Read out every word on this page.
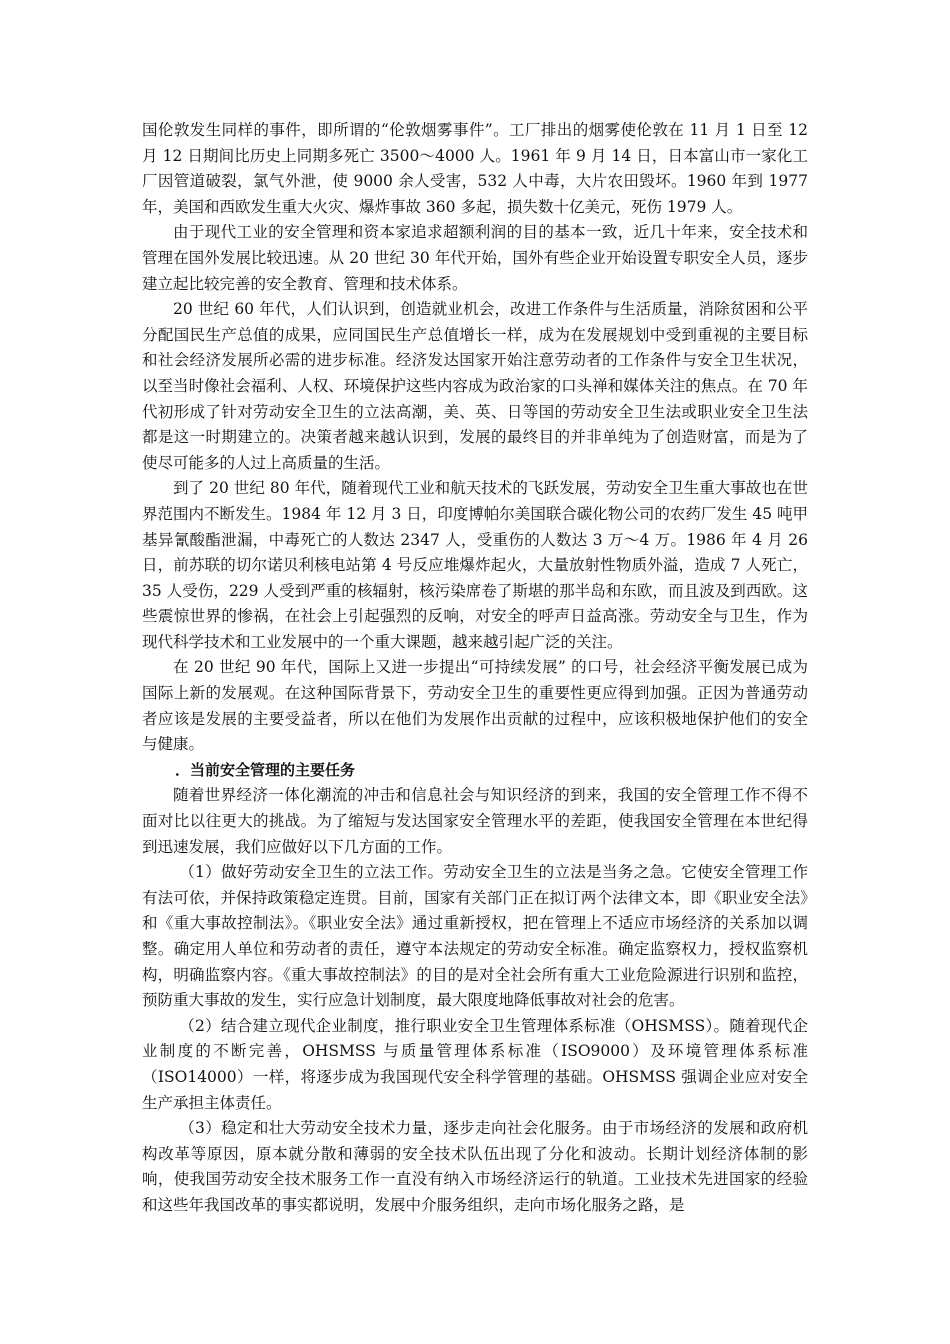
国伦敦发生同样的事件，即所谓的“伦敦烟雾事件”。工厂排出的烟雾使伦敦在 11 月 1 日至 12 月 12 日期间比历史上同期多死亡 3500～4000 人。1961 年 9 月 14 日，日本富山市一家化工厂因管道破裂，氯气外泄，使 9000 余人受害，532 人中毒，大片农田毁坏。1960 年到 1977 年，美国和西欧发生重大火灾、爆炸事故 360 多起，损失数十亿美元，死伤 1979 人。

由于现代工业的安全管理和资本家追求超额利润的目的基本一致，近几十年来，安全技术和管理在国外发展比较迅速。从 20 世纪 30 年代开始，国外有些企业开始设置专职安全人员，逐步建立起比较完善的安全教育、管理和技术体系。

20 世纪 60 年代，人们认识到，创造就业机会，改进工作条件与生活质量，消除贫困和公平分配国民生产总值的成果，应同国民生产总值增长一样，成为在发展规划中受到重视的主要目标和社会经济发展所必需的进步标准。经济发达国家开始注意劳动者的工作条件与安全卫生状况，以至当时像社会福利、人权、环境保护这些内容成为政治家的口头禅和媒体关注的焦点。在 70 年代初形成了针对劳动安全卫生的立法高潮，美、英、日等国的劳动安全卫生法或职业安全卫生法都是这一时期建立的。决策者越来越认识到，发展的最终目的并非单纯为了创造财富，而是为了使尽可能多的人过上高质量的生活。

到了 20 世纪 80 年代，随着现代工业和航天技术的飞跃发展，劳动安全卫生重大事故也在世界范围内不断发生。1984 年 12 月 3 日，印度博帕尔美国联合碳化物公司的农药厂发生 45 吨甲基异氰酸酯泄漏，中毒死亡的人数达 2347 人，受重伤的人数达 3 万～4 万。1986 年 4 月 26 日，前苏联的切尔诺贝利核电站第 4 号反应堆爆炸起火，大量放射性物质外溢，造成 7 人死亡，35 人受伤，229 人受到严重的核辐射，核污染席卷了斯堪的那半岛和东欧，而且波及到西欧。这些震惊世界的惨祸，在社会上引起强烈的反响，对安全的呼声日益高涨。劳动安全与卫生，作为现代科学技术和工业发展中的一个重大课题，越来越引起广泛的关注。

在 20 世纪 90 年代，国际上又进一步提出“可持续发展” 的口号，社会经济平衡发展已成为国际上新的发展观。在这种国际背景下，劳动安全卫生的重要性更应得到加强。正因为普通劳动者应该是发展的主要受益者，所以在他们为发展作出贡献的过程中，应该积极地保护他们的安全与健康。

．当前安全管理的主要任务

随着世界经济一体化潮流的冲击和信息社会与知识经济的到来，我国的安全管理工作不得不面对比以往更大的挑战。为了缩短与发达国家安全管理水平的差距，使我国安全管理在本世纪得到迅速发展，我们应做好以下几方面的工作。

（1）做好劳动安全卫生的立法工作。劳动安全卫生的立法是当务之急。它使安全管理工作有法可依，并保持政策稳定连贯。目前，国家有关部门正在拟订两个法律文本，即《职业安全法》和《重大事故控制法》。《职业安全法》通过重新授权，把在管理上不适应市场经济的关系加以调整。确定用人单位和劳动者的责任，遵守本法规定的劳动安全标准。确定监察权力，授权监察机构，明确监察内容。《重大事故控制法》的目的是对全社会所有重大工业危险源进行识别和监控，预防重大事故的发生，实行应急计划制度，最大限度地降低事故对社会的危害。

（2）结合建立现代企业制度，推行职业安全卫生管理体系标准（OHSMSS）。随着现代企业制度的不断完善，OHSMSS 与质量管理体系标准（ISO9000）及环境管理体系标准（ISO14000）一样，将逐步成为我国现代安全科学管理的基础。OHSMSS 强调企业应对安全生产承担主体责任。

（3）稳定和壮大劳动安全技术力量，逐步走向社会化服务。由于市场经济的发展和政府机构改革等原因，原本就分散和薄弱的安全技术队伍出现了分化和波动。长期计划经济体制的影响，使我国劳动安全技术服务工作一直没有纳入市场经济运行的轨道。工业技术先进国家的经验和这些年我国改革的事实都说明，发展中介服务组织，走向市场化服务之路，是
